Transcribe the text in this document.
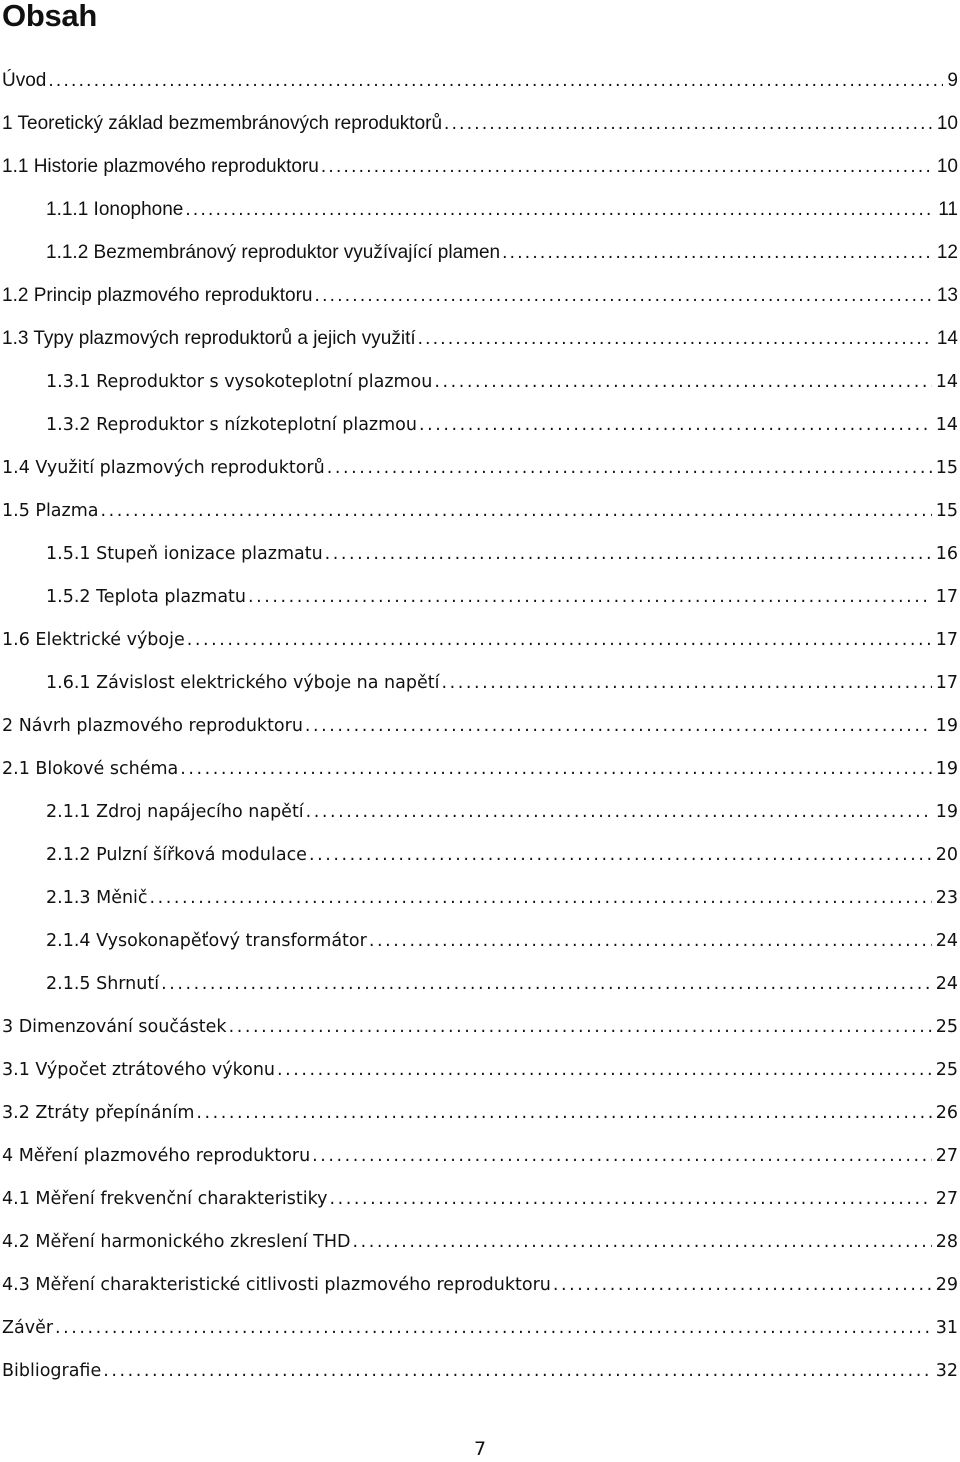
Obsah
Úvod . . .	9
1 Teoretický základ bezmembránových reproduktorů . . .	10
1.1 Historie plazmového reproduktoru . . .	10
1.1.1 Ionophone . . .	11
1.1.2 Bezmembránový reproduktor využívající plamen . . .	12
1.2 Princip plazmového reproduktoru . . .	13
1.3 Typy plazmových reproduktorů a jejich využití . . .	14
1.3.1 Reproduktor s vysokoteplotní plazmou . . .	14
1.3.2 Reproduktor s nízkoteplotní plazmou . . .	14
1.4 Využití plazmových reproduktorů . . .	15
1.5 Plazma . . .	15
1.5.1 Stupeň ionizace plazmatu . . .	16
1.5.2 Teplota plazmatu . . .	17
1.6 Elektrické výboje . . .	17
1.6.1 Závislost elektrického výboje na napětí . . .	17
2 Návrh plazmového reproduktoru . . .	19
2.1 Blokové schéma . . .	19
2.1.1 Zdroj napájecího napětí . . .	19
2.1.2 Pulzní šířková modulace . . .	20
2.1.3 Měnič . . .	23
2.1.4 Vysokonapěťový transformátor . . .	24
2.1.5 Shrnutí . . .	24
3 Dimenzování součástek . . .	25
3.1 Výpočet ztrátového výkonu . . .	25
3.2 Ztráty přepínáním . . .	26
4 Měření plazmového reproduktoru . . .	27
4.1 Měření frekvenční charakteristiky . . .	27
4.2 Měření harmonického zkreslení THD . . .	28
4.3 Měření charakteristické citlivosti plazmového reproduktoru . . .	29
Závěr . . .	31
Bibliografie . . .	32
7
